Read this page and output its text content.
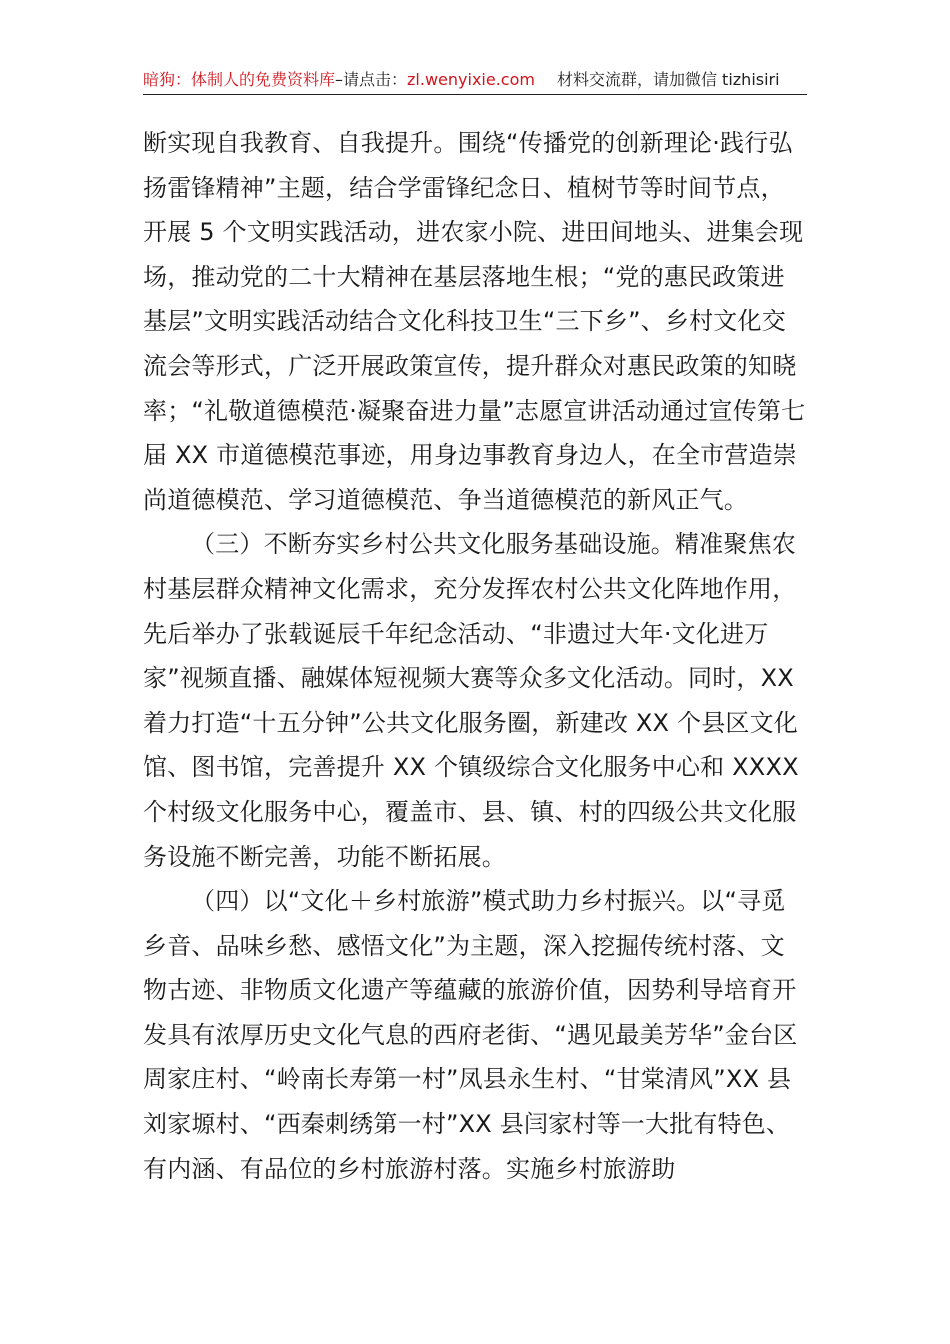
暗狗：体制人的免费资料库–请点击：zl.wenyixie.com 材料交流群，请加微信 tizhisiri

断实现自我教育、自我提升。围绕“传播党的创新理论·践行弘扬雷锋精神”主题，结合学雷锋纪念日、植树节等时间节点，开展 5 个文明实践活动，进农家小院、进田间地头、进集会现场，推动党的二十大精神在基层落地生根；“党的惠民政策进基层”文明实践活动结合文化科技卫生“三下乡”、乡村文化交流会等形式，广泛开展政策宣传，提升群众对惠民政策的知晓率；“礼敬道德模范·凝聚奋进力量”志愿宣讲活动通过宣传第七届 XX 市道德模范事迹，用身边事教育身边人，在全市营造崇尚道德模范、学习道德模范、争当道德模范的新风正气。

（三）不断夯实乡村公共文化服务基础设施。精准聚焦农村基层群众精神文化需求，充分发挥农村公共文化阵地作用，先后举办了张载诞辰千年纪念活动、“非遗过大年·文化进万家”视频直播、融媒体短视频大赛等众多文化活动。同时，XX 着力打造“十五分钟”公共文化服务圈，新建改 XX 个县区文化馆、图书馆，完善提升 XX 个镇级综合文化服务中心和 XXXX 个村级文化服务中心，覆盖市、县、镇、村的四级公共文化服务设施不断完善，功能不断拓展。

（四）以“文化＋乡村旅游”模式助力乡村振兴。以“寻觅乡音、品味乡愁、感悟文化”为主题，深入挖掘传统村落、文物古迹、非物质文化遗产等蕴藏的旅游价值，因势利导培育开发具有浓厚历史文化气息的西府老街、“遇见最美芳华”金台区周家庄村、“岭南长寿第一村”凤县永生村、“甘棠清风”XX 县刘家塬村、“西秦刺绣第一村”XX 县闫家村等一大批有特色、有内涵、有品位的乡村旅游村落。实施乡村旅游助
